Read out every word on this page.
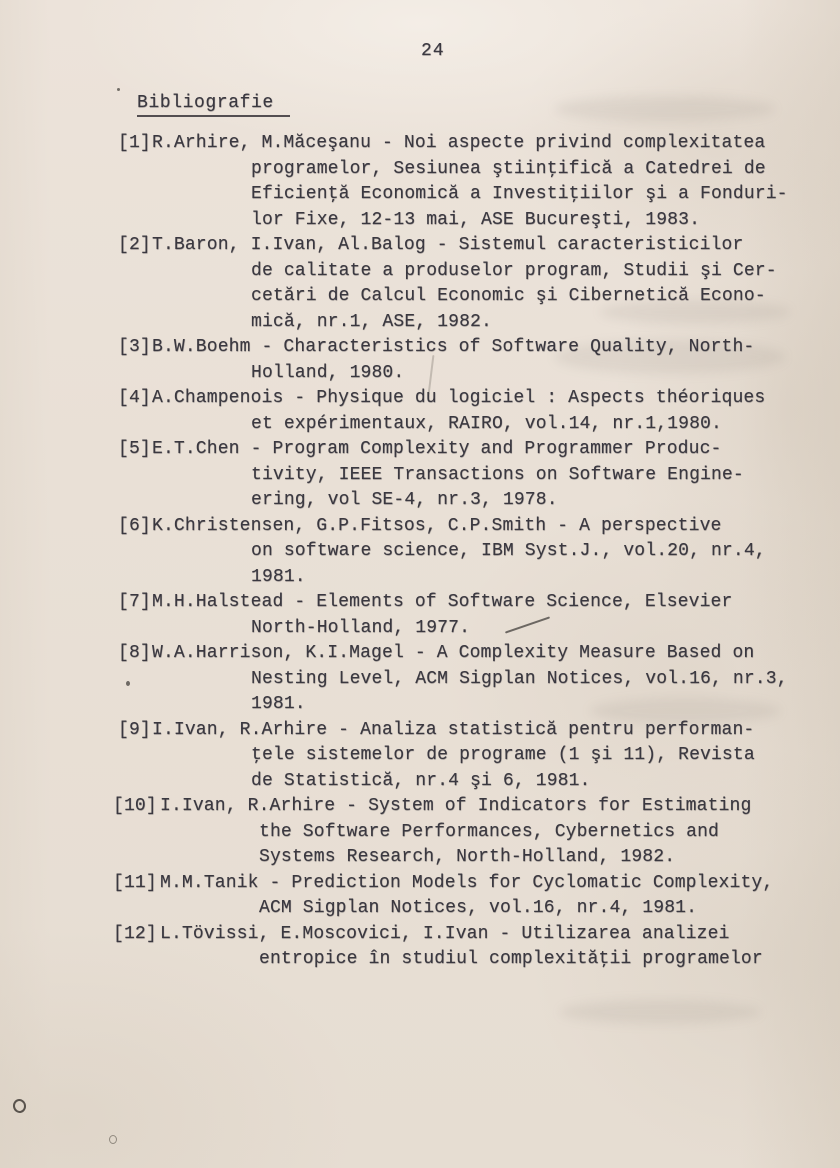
24
Bibliografie
[1] R.Arhire, M.Măceşanu - Noi aspecte privind complexitatea
programelor, Sesiunea ştiinţifică a Catedrei de
Eficienţă Economică a Investiţiilor şi a Fonduri-
lor Fixe, 12-13 mai, ASE Bucureşti, 1983.
[2] T.Baron, I.Ivan, Al.Balog - Sistemul caracteristicilor
de calitate a produselor program, Studii şi Cer-
cetări de Calcul Economic şi Cibernetică Econo-
mică, nr.1, ASE, 1982.
[3] B.W.Boehm - Characteristics of Software Quality, North-
Holland, 1980.
[4] A.Champenois - Physique du logiciel : Aspects théoriques
et expérimentaux, RAIRO, vol.14, nr.1,1980.
[5] E.T.Chen - Program Complexity and Programmer Produc-
tivity, IEEE Transactions on Software Engine-
ering, vol SE-4, nr.3, 1978.
[6] K.Christensen, G.P.Fitsos, C.P.Smith - A perspective
on software science, IBM Syst.J., vol.20, nr.4,
1981.
[7] M.H.Halstead - Elements of Software Science, Elsevier
North-Holland, 1977.
[8] W.A.Harrison, K.I.Magel - A Complexity Measure Based on
Nesting Level, ACM Sigplan Notices, vol.16, nr.3,
1981.
[9] I.Ivan, R.Arhire - Analiza statistică pentru performan-
ţele sistemelor de programe (1 şi 11), Revista
de Statistică, nr.4 şi 6, 1981.
[10] I.Ivan, R.Arhire - System of Indicators for Estimating
the Software Performances, Cybernetics and
Systems Research, North-Holland, 1982.
[11] M.M.Tanik - Prediction Models for Cyclomatic Complexity,
ACM Sigplan Notices, vol.16, nr.4, 1981.
[12] L.Tövissi, E.Moscovici, I.Ivan - Utilizarea analizei
entropice în studiul complexităţii programelor
